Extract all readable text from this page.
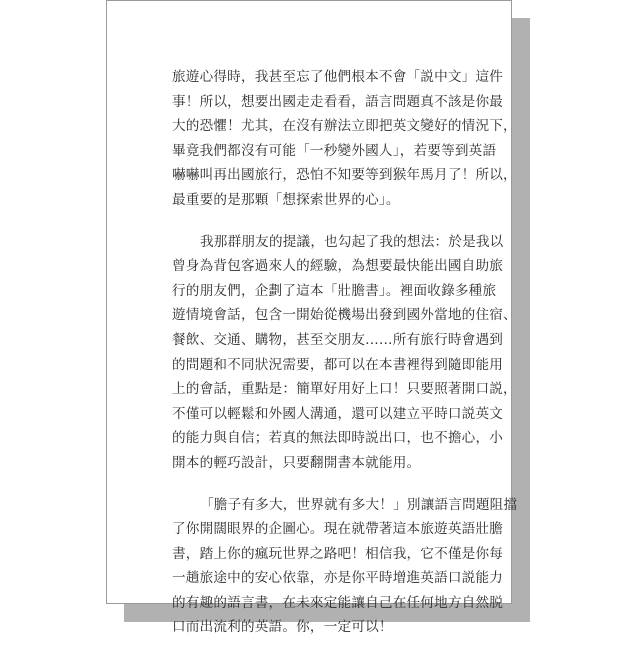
旅遊心得時，我甚至忘了他們根本不會「説中文」這件
事！所以，想要出國走走看看，語言問題真不該是你最
大的恐懼！尤其，在沒有辦法立即把英文變好的情況下，
畢竟我們都沒有可能「一秒變外國人」，若要等到英語
嚇嚇叫再出國旅行，恐怕不知要等到猴年馬月了！所以，
最重要的是那顆「想探索世界的心」。

我那群朋友的提議，也勾起了我的想法：於是我以
曾身為背包客過來人的經驗，為想要最快能出國自助旅
行的朋友們，企劃了這本「壯膽書」。裡面收錄多種旅
遊情境會話，包含一開始從機場出發到國外當地的住宿、
餐飲、交通、購物，甚至交朋友……所有旅行時會遇到
的問題和不同狀況需要，都可以在本書裡得到隨即能用
上的會話，重點是：簡單好用好上口！只要照著開口説，
不僅可以輕鬆和外國人溝通，還可以建立平時口説英文
的能力與自信；若真的無法即時説出口，也不擔心，小
開本的輕巧設計，只要翻開書本就能用。

「膽子有多大，世界就有多大！」別讓語言問題阻擋
了你開闊眼界的企圖心。現在就帶著這本旅遊英語壯膽
書，踏上你的瘋玩世界之路吧！相信我，它不僅是你每
一趟旅途中的安心依靠，亦是你平時增進英語口説能力
的有趣的語言書，在未來定能讓自己在任何地方自然脱
口而出流利的英語。你，一定可以！
